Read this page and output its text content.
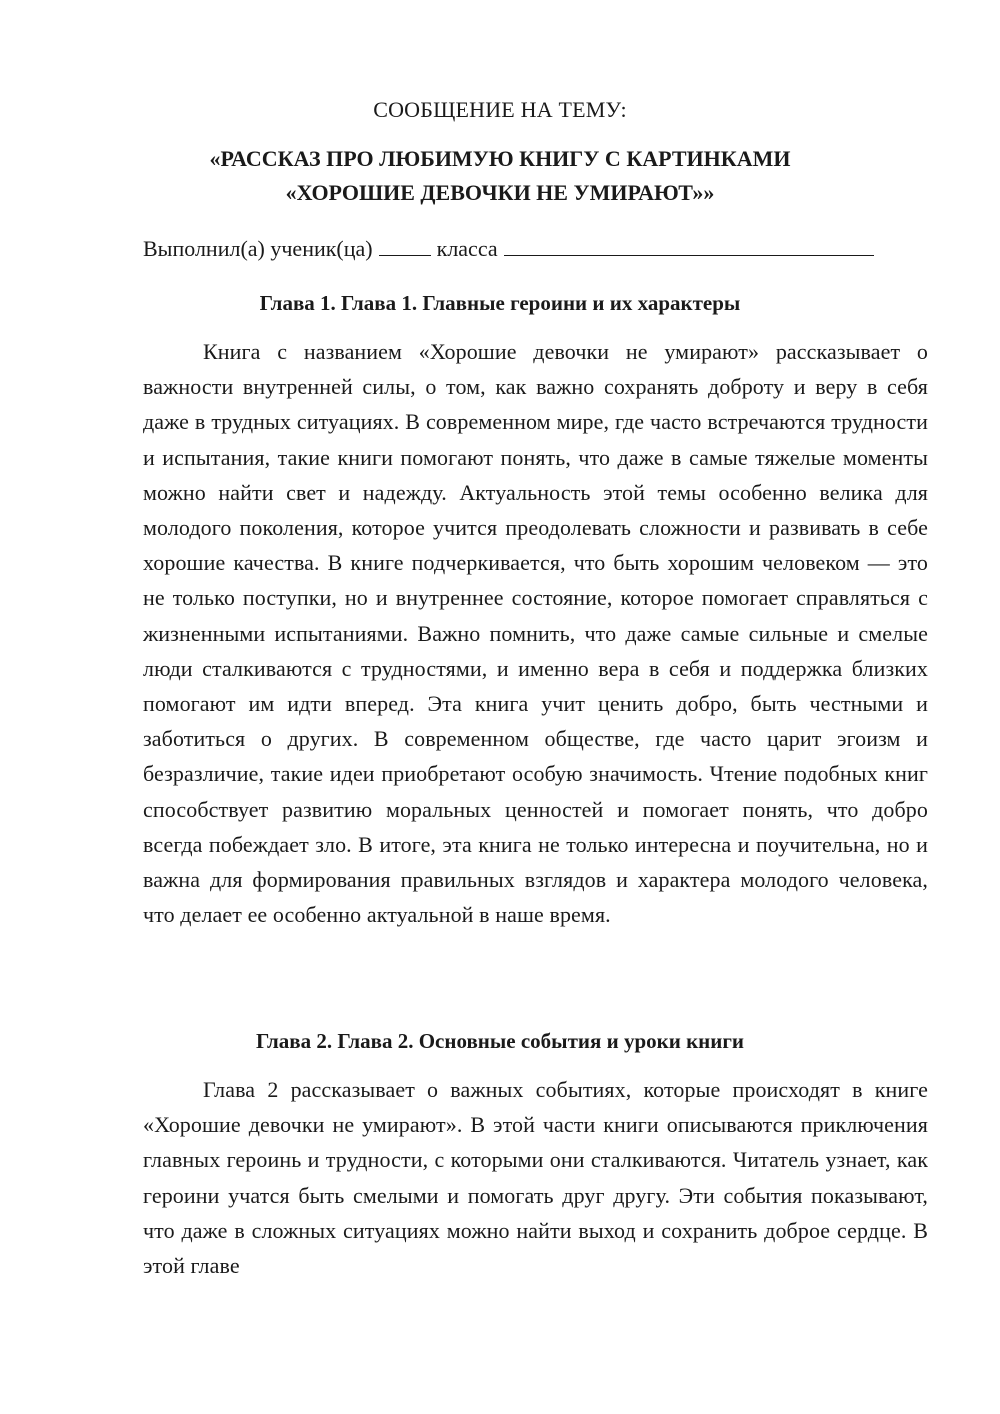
СООБЩЕНИЕ НА ТЕМУ:
«РАССКАЗ ПРО ЛЮБИМУЮ КНИГУ С КАРТИНКАМИ
«ХОРОШИЕ ДЕВОЧКИ НЕ УМИРАЮТ»»
Выполнил(а) ученик(ца)	класса
Глава 1. Глава 1. Главные героини и их характеры

Книга с названием «Хорошие девочки не умирают» рассказывает о важности внутренней силы, о том, как важно сохранять доброту и веру в себя даже в трудных ситуациях. В современном мире, где часто встречаются трудности и испытания, такие книги помогают понять, что даже в самые тяжелые моменты можно найти свет и надежду. Актуальность этой темы особенно велика для молодого поколения, которое учится преодолевать сложности и развивать в себе хорошие качества. В книге подчеркивается, что быть хорошим человеком — это не только поступки, но и внутреннее состояние, которое помогает справляться с жизненными испытаниями. Важно помнить, что даже самые сильные и смелые люди сталкиваются с трудностями, и именно вера в себя и поддержка близких помогают им идти вперед. Эта книга учит ценить добро, быть честными и заботиться о других. В современном обществе, где часто царит эгоизм и безразличие, такие идеи приобретают особую значимость. Чтение подобных книг способствует развитию моральных ценностей и помогает понять, что добро всегда побеждает зло. В итоге, эта книга не только интересна и поучительна, но и важна для формирования правильных взглядов и характера молодого человека, что делает ее особенно актуальной в наше время.

Глава 2. Глава 2. Основные события и уроки книги

Глава 2 рассказывает о важных событиях, которые происходят в книге «Хорошие девочки не умирают». В этой части книги описываются приключения главных героинь и трудности, с которыми они сталкиваются. Читатель узнает, как героини учатся быть смелыми и помогать друг другу. Эти события показывают, что даже в сложных ситуациях можно найти выход и сохранить доброе сердце. В этой главе
